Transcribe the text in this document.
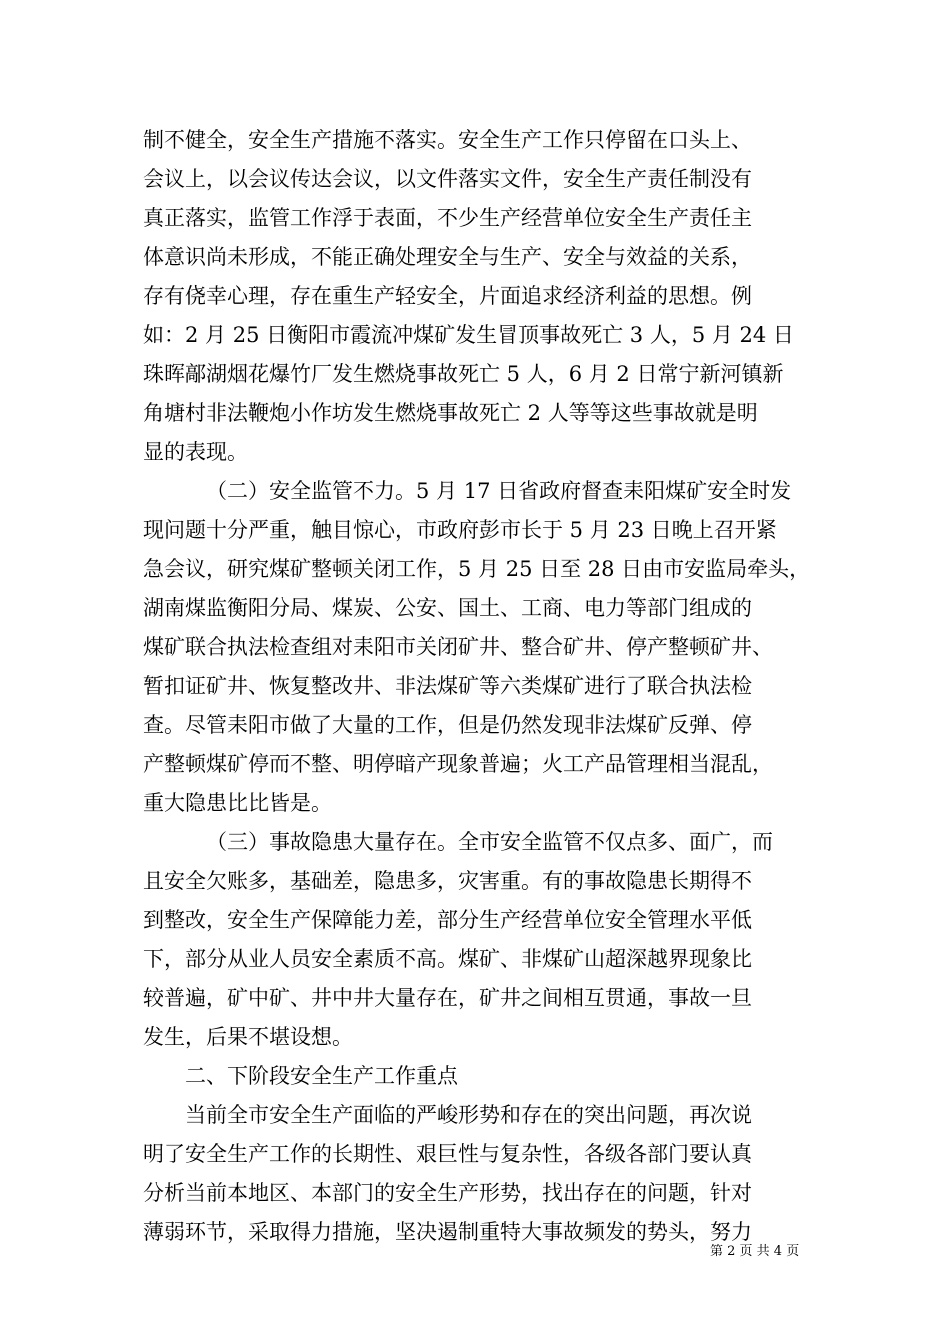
制不健全，安全生产措施不落实。安全生产工作只停留在口头上、
会议上，以会议传达会议，以文件落实文件，安全生产责任制没有
真正落实，监管工作浮于表面，不少生产经营单位安全生产责任主
体意识尚未形成，不能正确处理安全与生产、安全与效益的关系，
存有侥幸心理，存在重生产轻安全，片面追求经济利益的思想。例
如：2 月 25 日衡阳市霞流冲煤矿发生冒顶事故死亡 3 人，5 月 24 日
珠晖鄗湖烟花爆竹厂发生燃烧事故死亡 5 人，6 月 2 日常宁新河镇新
角塘村非法鞭炮小作坊发生燃烧事故死亡 2 人等等这些事故就是明
显的表现。
（二）安全监管不力。5 月 17 日省政府督查耒阳煤矿安全时发
现问题十分严重，触目惊心，市政府彭市长于 5 月 23 日晚上召开紧
急会议，研究煤矿整顿关闭工作，5 月 25 日至 28 日由市安监局牵头，
湖南煤监衡阳分局、煤炭、公安、国土、工商、电力等部门组成的
煤矿联合执法检查组对耒阳市关闭矿井、整合矿井、停产整顿矿井、
暂扣证矿井、恢复整改井、非法煤矿等六类煤矿进行了联合执法检
查。尽管耒阳市做了大量的工作，但是仍然发现非法煤矿反弹、停
产整顿煤矿停而不整、明停暗产现象普遍；火工产品管理相当混乱，
重大隐患比比皆是。
（三）事故隐患大量存在。全市安全监管不仅点多、面广，而
且安全欠账多，基础差，隐患多，灾害重。有的事故隐患长期得不
到整改，安全生产保障能力差，部分生产经营单位安全管理水平低
下，部分从业人员安全素质不高。煤矿、非煤矿山超深越界现象比
较普遍，矿中矿、井中井大量存在，矿井之间相互贯通，事故一旦
发生，后果不堪设想。
二、下阶段安全生产工作重点
当前全市安全生产面临的严峻形势和存在的突出问题，再次说
明了安全生产工作的长期性、艰巨性与复杂性，各级各部门要认真
分析当前本地区、本部门的安全生产形势，找出存在的问题，针对
薄弱环节，采取得力措施，坚决遏制重特大事故频发的势头，努力
第 2 页 共 4 页
